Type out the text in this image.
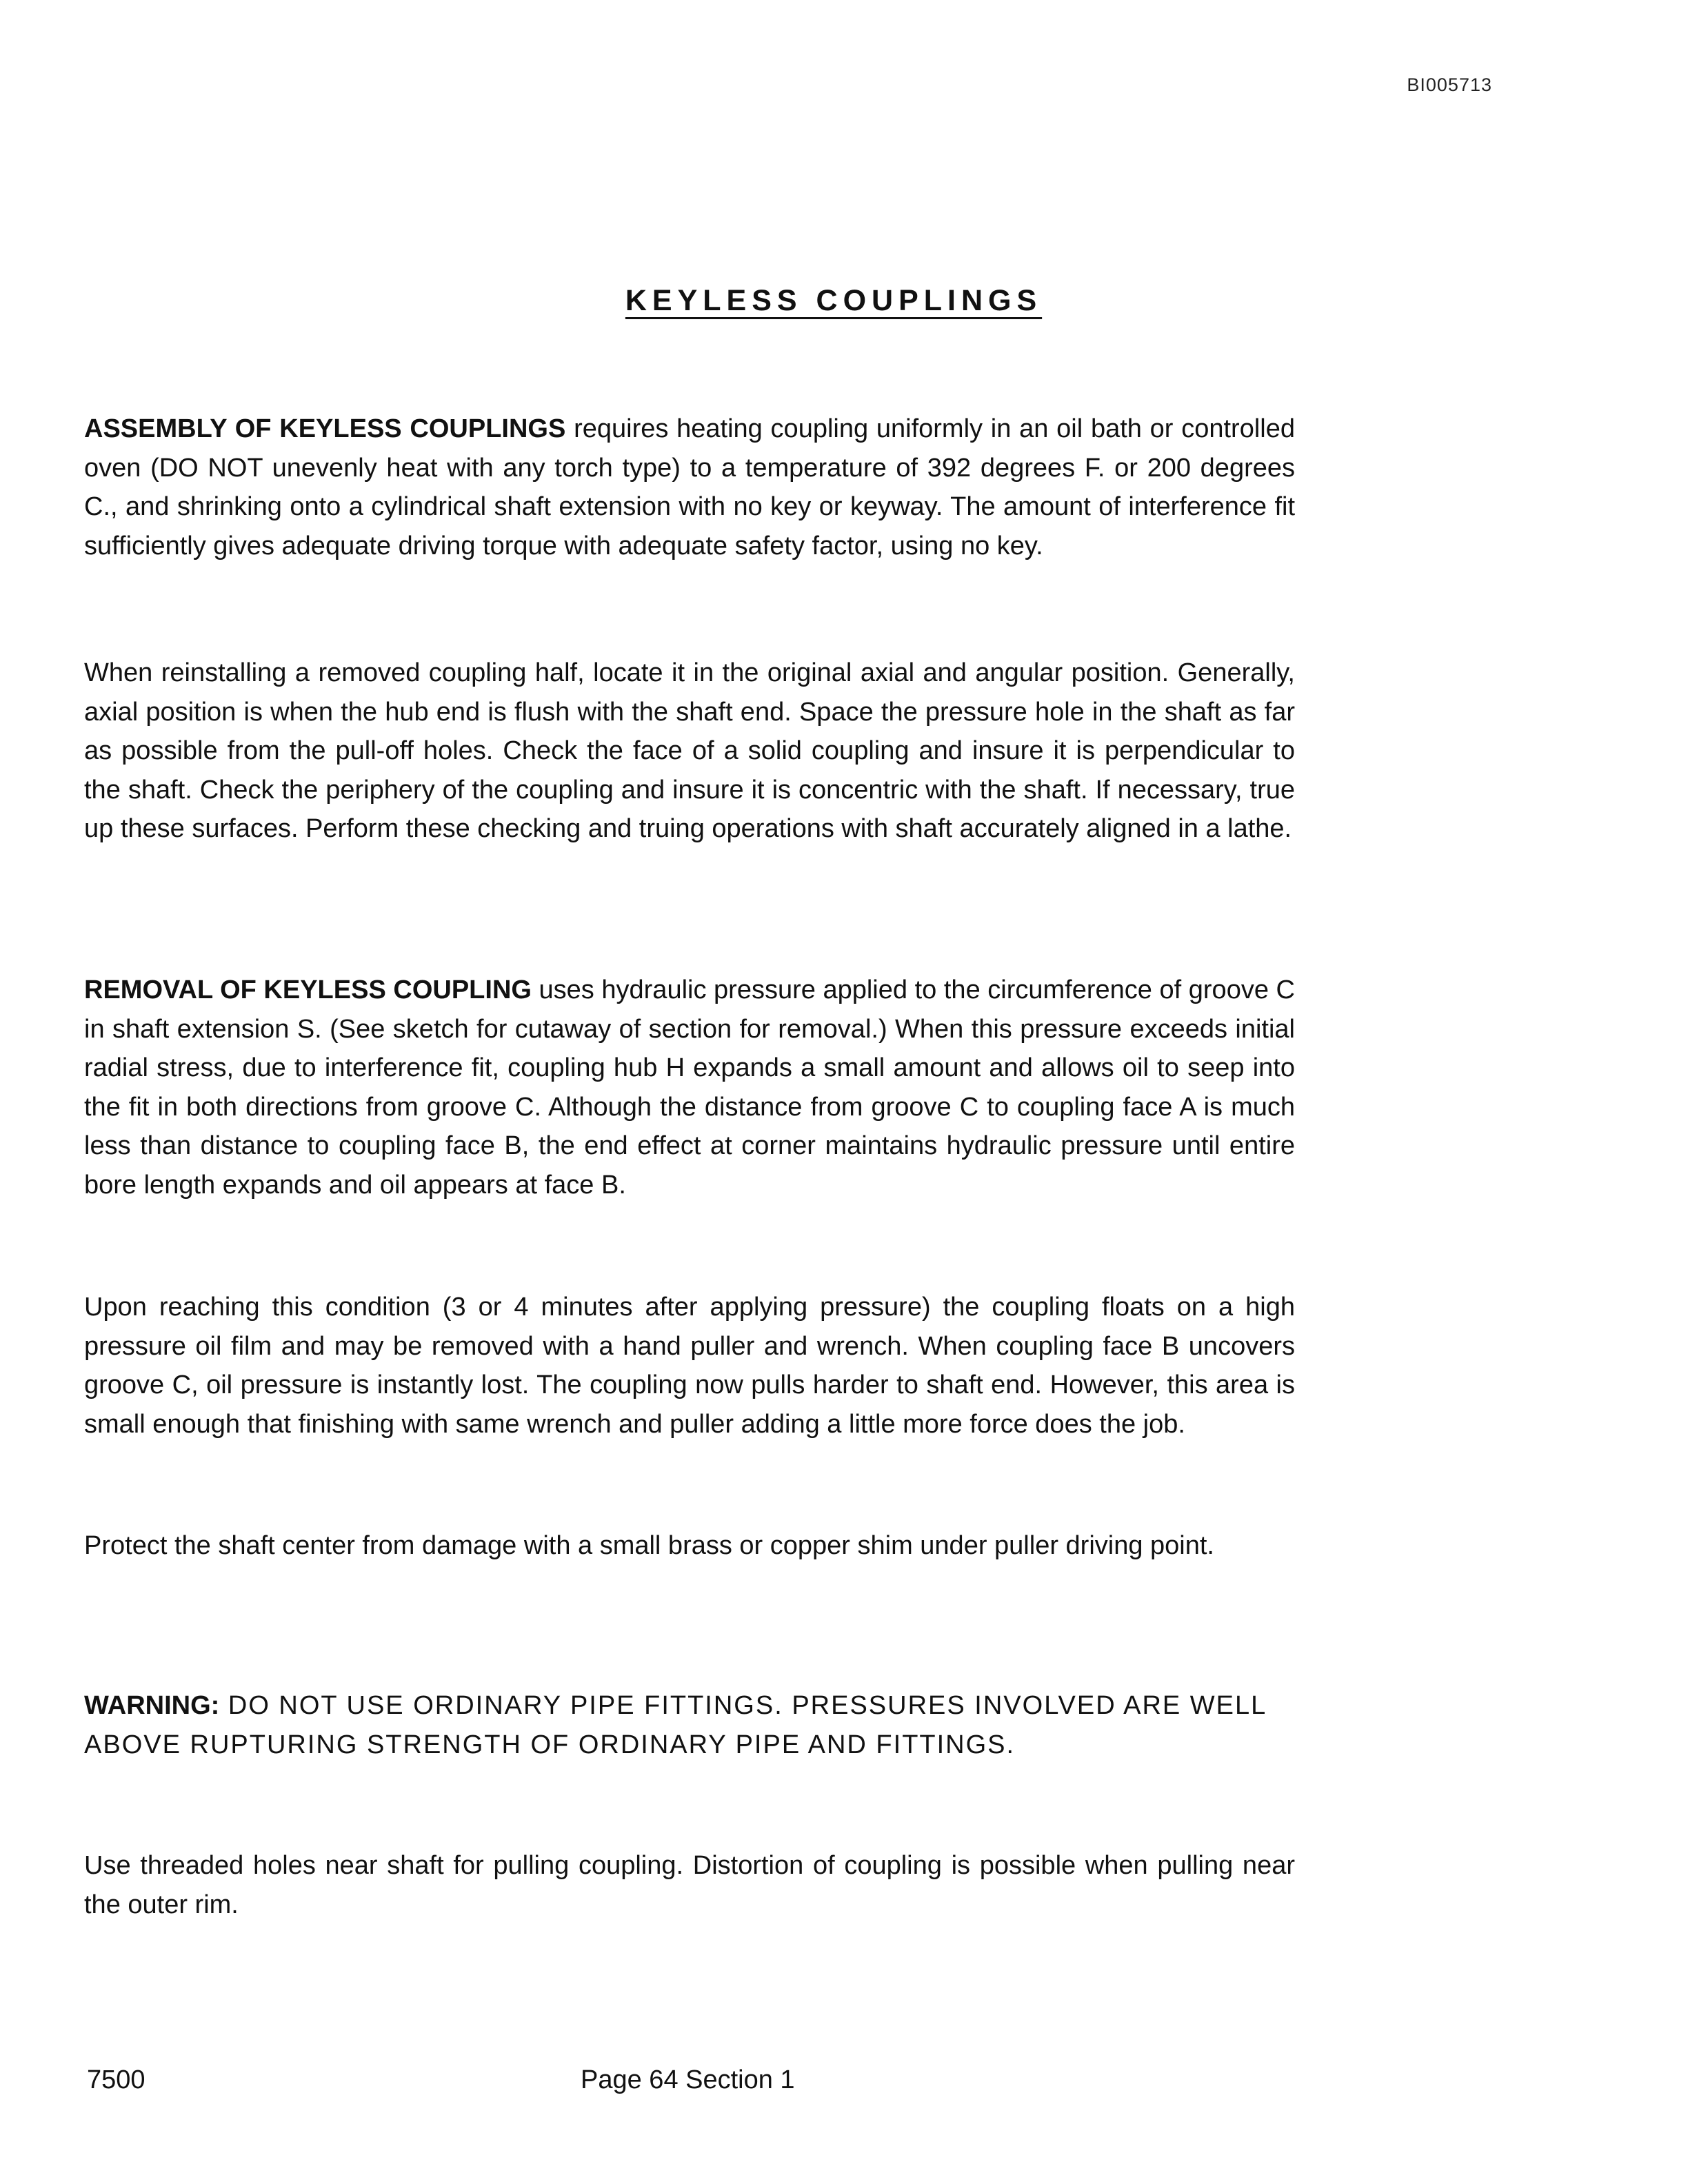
BI005713
KEYLESS COUPLINGS

ASSEMBLY OF KEYLESS COUPLINGS requires heating coupling uniformly in an oil bath or controlled oven (DO NOT unevenly heat with any torch type) to a temperature of 392 degrees F. or 200 degrees C., and shrinking onto a cylindrical shaft extension with no key or keyway. The amount of interference fit sufficiently gives adequate driving torque with adequate safety factor, using no key.

When reinstalling a removed coupling half, locate it in the original axial and angular position. Generally, axial position is when the hub end is flush with the shaft end. Space the pressure hole in the shaft as far as possible from the pull-off holes. Check the face of a solid coupling and insure it is perpendicular to the shaft. Check the periphery of the coupling and insure it is concentric with the shaft. If necessary, true up these surfaces. Perform these checking and truing operations with shaft accurately aligned in a lathe.

REMOVAL OF KEYLESS COUPLING uses hydraulic pressure applied to the circumference of groove C in shaft extension S. (See sketch for cutaway of section for removal.) When this pressure exceeds initial radial stress, due to interference fit, coupling hub H expands a small amount and allows oil to seep into the fit in both directions from groove C. Although the distance from groove C to coupling face A is much less than distance to coupling face B, the end effect at corner maintains hydraulic pressure until entire bore length expands and oil appears at face B.

Upon reaching this condition (3 or 4 minutes after applying pressure) the coupling floats on a high pressure oil film and may be removed with a hand puller and wrench. When coupling face B uncovers groove C, oil pressure is instantly lost. The coupling now pulls harder to shaft end. However, this area is small enough that finishing with same wrench and puller adding a little more force does the job.

Protect the shaft center from damage with a small brass or copper shim under puller driving point.

WARNING: DO NOT USE ORDINARY PIPE FITTINGS. PRESSURES INVOLVED ARE WELL ABOVE RUPTURING STRENGTH OF ORDINARY PIPE AND FITTINGS.

Use threaded holes near shaft for pulling coupling. Distortion of coupling is possible when pulling near the outer rim.

7500	Page 64 Section 1
